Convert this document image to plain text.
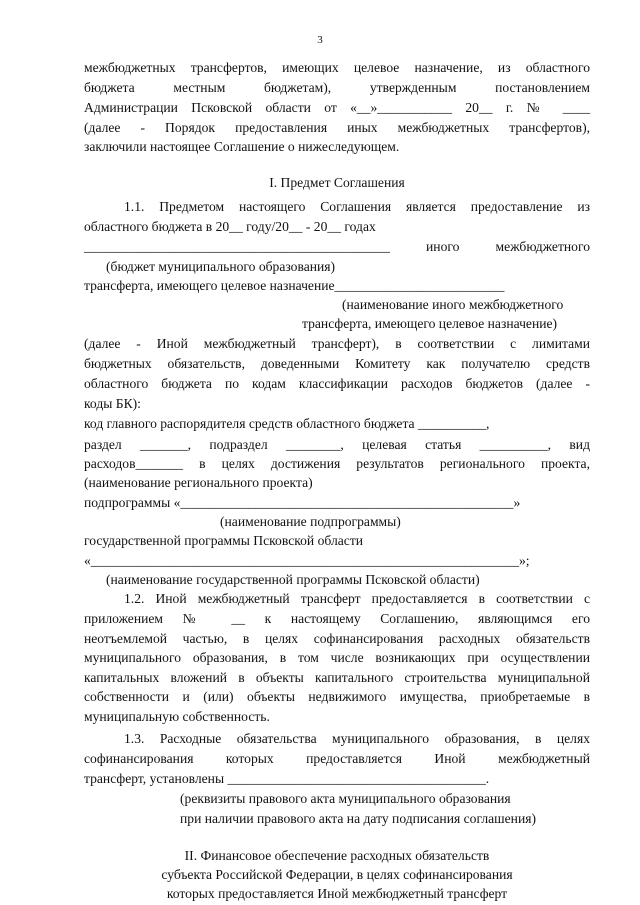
3
межбюджетных трансфертов, имеющих целевое назначение, из областного
бюджета местным бюджетам), утвержденным постановлением
Администрации Псковской области от «__»___________ 20__ г. № ____
(далее - Порядок предоставления иных межбюджетных трансфертов),
заключили настоящее Соглашение о нижеследующем.
I. Предмет Соглашения
1.1. Предметом настоящего Соглашения является предоставление из
областного бюджета в 20__ году/20__ - 20__ годах
_____________________________________________ иного межбюджетного
(бюджет муниципального образования)
трансферта, имеющего целевое назначение_________________________
(наименование иного межбюджетного
трансферта, имеющего целевое назначение)
(далее - Иной межбюджетный трансферт), в соответствии с лимитами
бюджетных обязательств, доведенными Комитету как получателю средств
областного бюджета по кодам классификации расходов бюджетов (далее -
коды БК):
код главного распорядителя средств областного бюджета __________,
раздел _______, подраздел ________, целевая статья __________, вид
расходов_______ в целях достижения результатов регионального проекта,
(наименование регионального проекта)
подпрограммы «_________________________________________________»
(наименование подпрограммы)
государственной программы Псковской области
«_______________________________________________________________»;
(наименование государственной программы Псковской области)
1.2. Иной межбюджетный трансферт предоставляется в соответствии с
приложением № __ к настоящему Соглашению, являющимся его
неотъемлемой частью, в целях софинансирования расходных обязательств
муниципального образования, в том числе возникающих при осуществлении
капитальных вложений в объекты капитального строительства муниципальной
собственности и (или) объекты недвижимого имущества, приобретаемые в
муниципальную собственность.
1.3. Расходные обязательства муниципального образования, в целях
софинансирования которых предоставляется Иной межбюджетный
трансферт, установлены ______________________________________.
(реквизиты правового акта муниципального образования
при наличии правового акта на дату подписания соглашения)
II. Финансовое обеспечение расходных обязательств
субъекта Российской Федерации, в целях софинансирования
которых предоставляется Иной межбюджетный трансферт
